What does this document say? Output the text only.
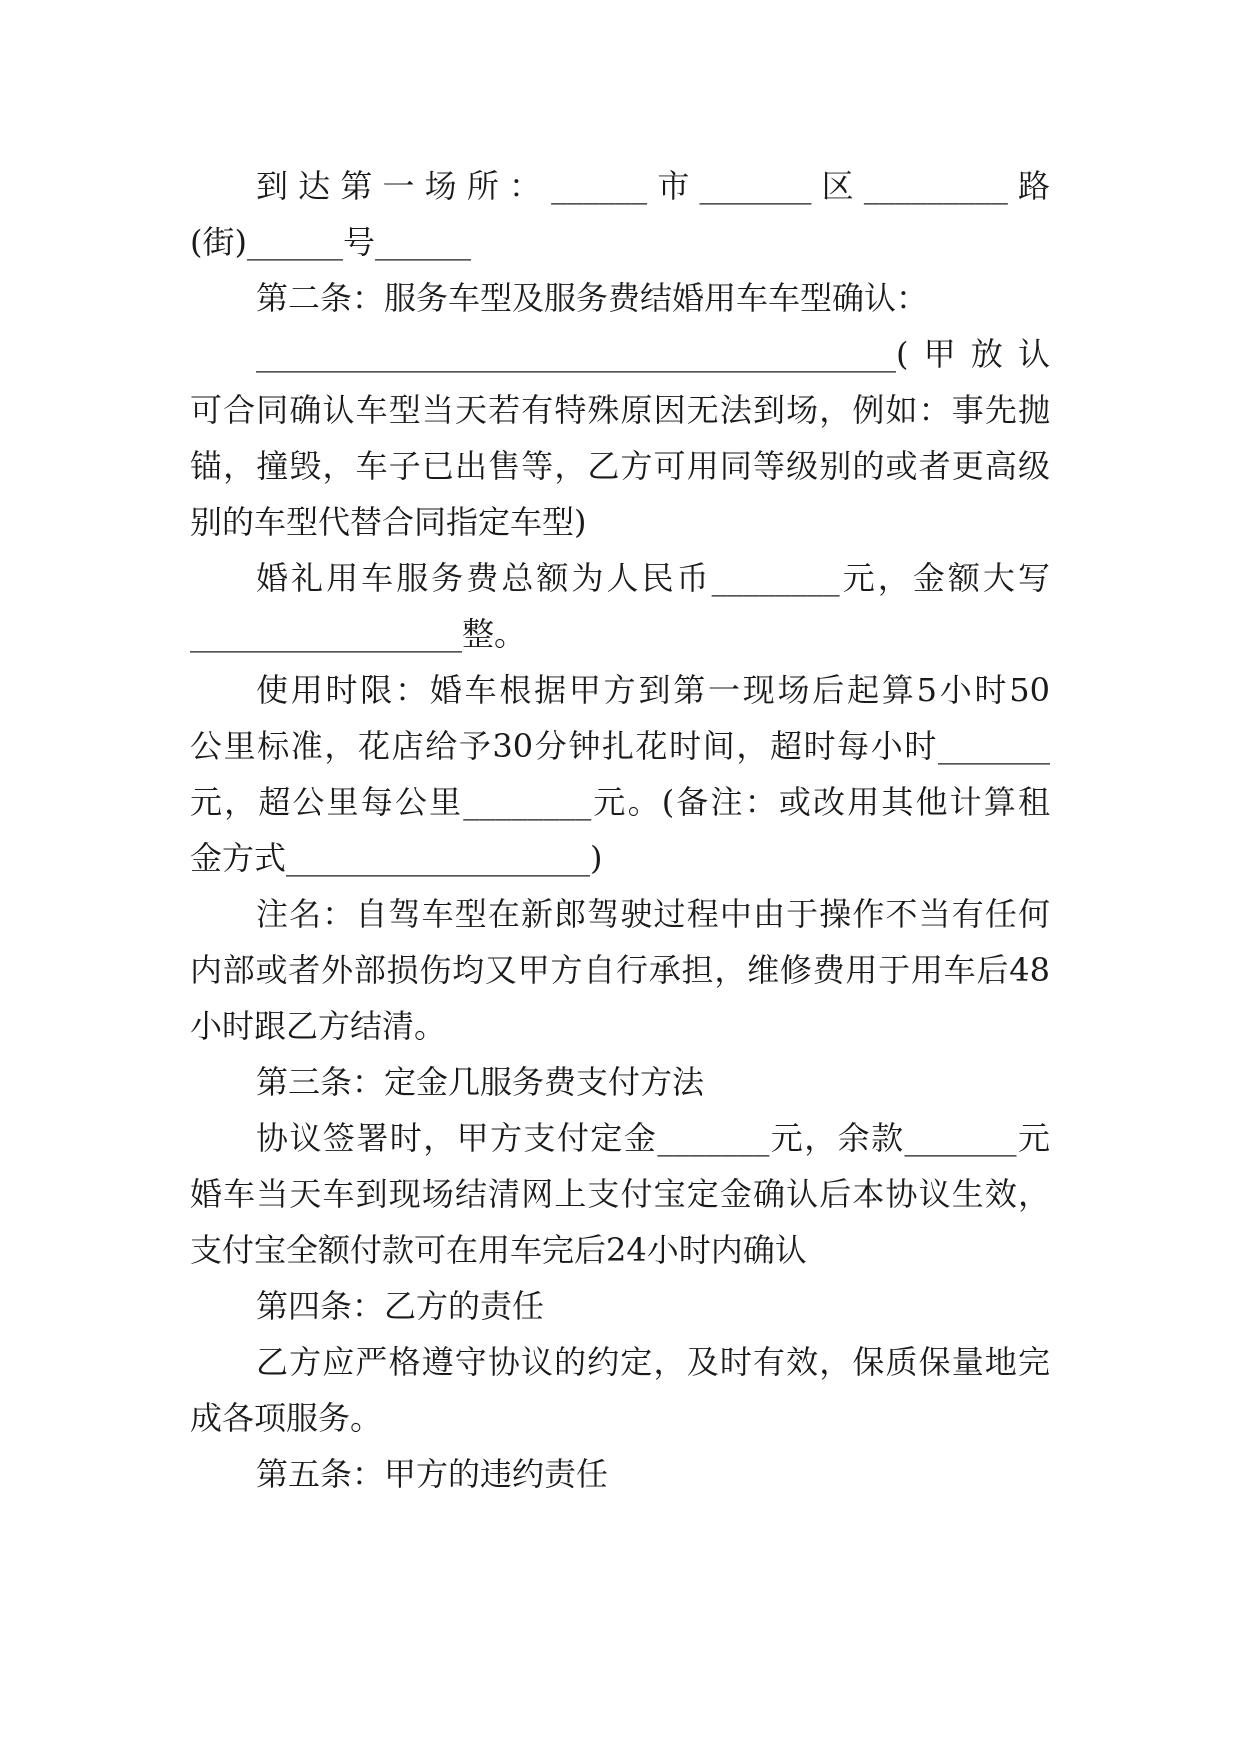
到达第一场所：______市_______区_________路
(街)______号______
第二条：服务车型及服务费结婚用车车型确认：
________________________________________(甲放认
可合同确认车型当天若有特殊原因无法到场，例如：事先抛
锚，撞毁，车子已出售等，乙方可用同等级别的或者更高级
别的车型代替合同指定车型)
婚礼用车服务费总额为人民币________元，金额大写
_________________整。
使用时限：婚车根据甲方到第一现场后起算5小时50
公里标准，花店给予30分钟扎花时间，超时每小时_______
元，超公里每公里________元。(备注：或改用其他计算租
金方式___________________)
注名：自驾车型在新郎驾驶过程中由于操作不当有任何
内部或者外部损伤均又甲方自行承担，维修费用于用车后48
小时跟乙方结清。
第三条：定金几服务费支付方法
协议签署时，甲方支付定金_______元，余款_______元
婚车当天车到现场结清网上支付宝定金确认后本协议生效，
支付宝全额付款可在用车完后24小时内确认
第四条：乙方的责任
乙方应严格遵守协议的约定，及时有效，保质保量地完
成各项服务。
第五条：甲方的违约责任
